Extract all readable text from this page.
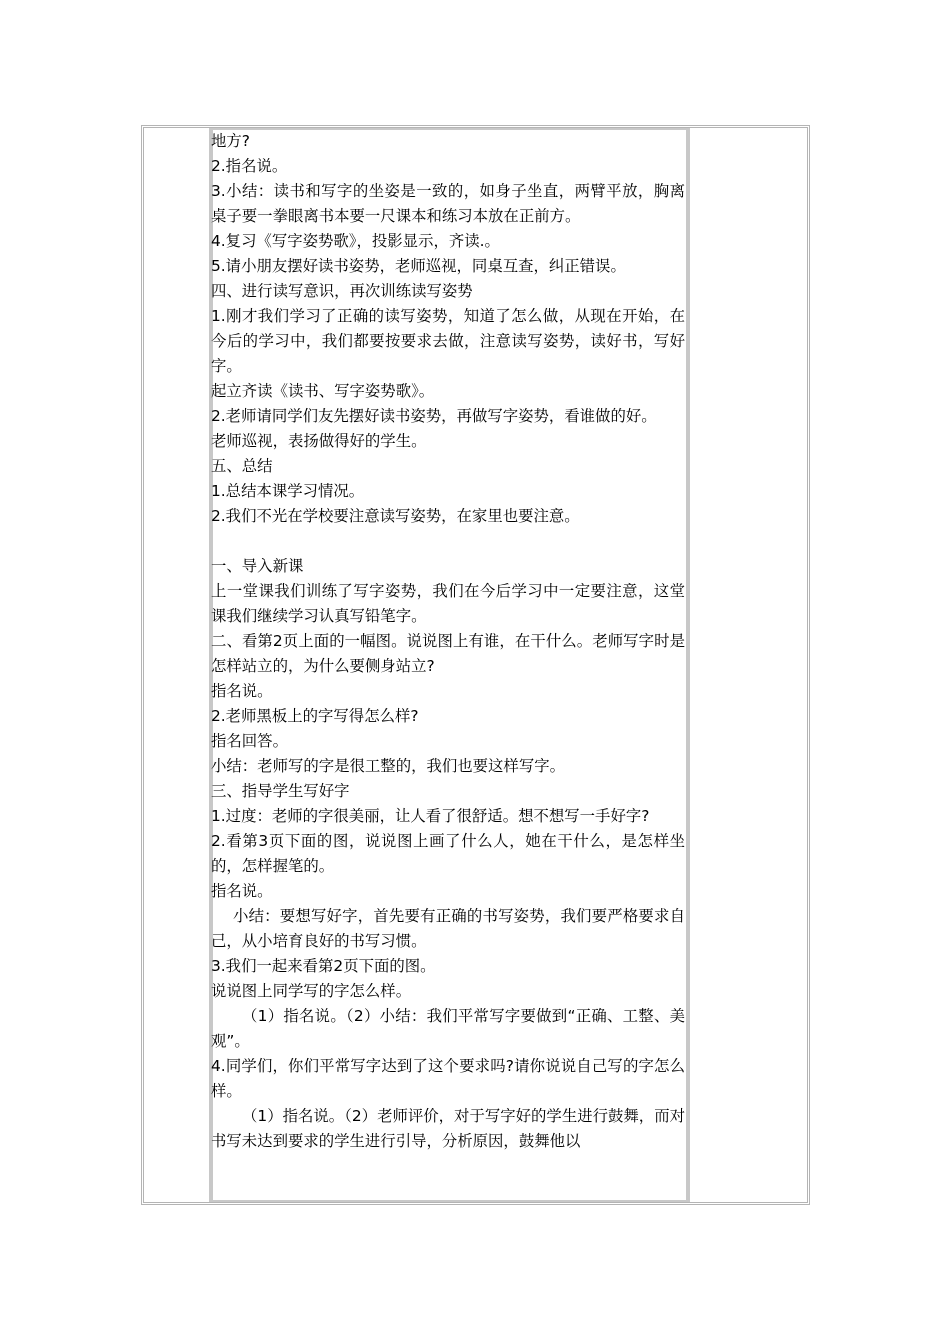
地方?

2.指名说。

3.小结：读书和写字的坐姿是一致的，如身子坐直，两臂平放，胸离桌子要一拳眼离书本要一尺课本和练习本放在正前方。

4.复习《写字姿势歌》，投影显示，齐读.。

5.请小朋友摆好读书姿势，老师巡视，同桌互查，纠正错误。

四、进行读写意识，再次训练读写姿势

1.刚才我们学习了正确的读写姿势，知道了怎么做，从现在开始，在今后的学习中，我们都要按要求去做，注意读写姿势，读好书，写好字。

起立齐读《读书、写字姿势歌》。

2.老师请同学们友先摆好读书姿势，再做写字姿势，看谁做的好。

老师巡视，表扬做得好的学生。

五、总结

1.总结本课学习情况。

2.我们不光在学校要注意读写姿势，在家里也要注意。

一、导入新课

上一堂课我们训练了写字姿势，我们在今后学习中一定要注意，这堂课我们继续学习认真写铅笔字。

二、看第2页上面的一幅图。说说图上有谁，在干什么。老师写字时是怎样站立的，为什么要侧身站立?

指名说。

2.老师黑板上的字写得怎么样?

指名回答。

小结：老师写的字是很工整的，我们也要这样写字。

三、指导学生写好字

1.过度：老师的字很美丽，让人看了很舒适。想不想写一手好字?

2.看第3页下面的图，说说图上画了什么人，她在干什么，是怎样坐的，怎样握笔的。

指名说。

小结：要想写好字，首先要有正确的书写姿势，我们要严格要求自己，从小培育良好的书写习惯。

3.我们一起来看第2页下面的图。

说说图上同学写的字怎么样。

（1）指名说。（2）小结：我们平常写字要做到“正确、工整、美观”。

4.同学们，你们平常写字达到了这个要求吗?请你说说自己写的字怎么样。

（1）指名说。（2）老师评价，对于写字好的学生进行鼓舞，而对书写未达到要求的学生进行引导，分析原因，鼓舞他以
